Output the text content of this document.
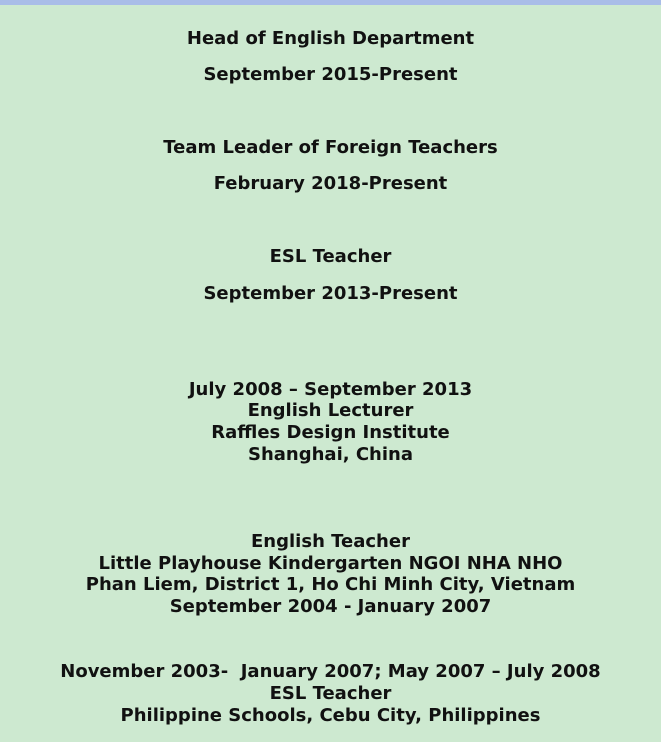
Head of English Department
September 2015-Present
Team Leader of Foreign Teachers
February 2018-Present
ESL Teacher
September 2013-Present
July 2008 – September 2013
English Lecturer
Raffles Design Institute
Shanghai, China
English Teacher
Little Playhouse Kindergarten NGOI NHA NHO
Phan Liem, District 1, Ho Chi Minh City, Vietnam
September 2004 - January 2007
November 2003-  January 2007; May 2007 – July 2008
ESL Teacher
Philippine Schools, Cebu City, Philippines
